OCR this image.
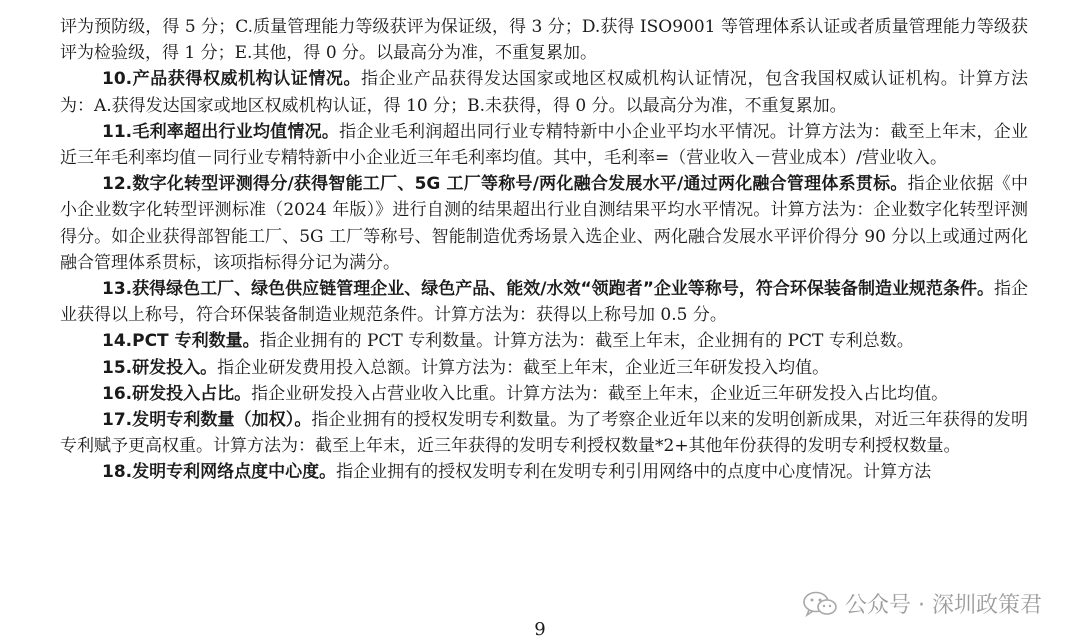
评为预防级，得 5 分；C.质量管理能力等级获评为保证级，得 3 分；D.获得 ISO9001 等管理体系认证或者质量管理能力等级获评为检验级，得 1 分；E.其他，得 0 分。以最高分为准，不重复累加。

10.产品获得权威机构认证情况。指企业产品获得发达国家或地区权威机构认证情况，包含我国权威认证机构。计算方法为：A.获得发达国家或地区权威机构认证，得 10 分；B.未获得，得 0 分。以最高分为准，不重复累加。

11.毛利率超出行业均值情况。指企业毛利润超出同行业专精特新中小企业平均水平情况。计算方法为：截至上年末，企业近三年毛利率均值－同行业专精特新中小企业近三年毛利率均值。其中，毛利率=（营业收入－营业成本）/营业收入。

12.数字化转型评测得分/获得智能工厂、5G 工厂等称号/两化融合发展水平/通过两化融合管理体系贯标。指企业依据《中小企业数字化转型评测标准（2024 年版）》进行自测的结果超出行业自测结果平均水平情况。计算方法为：企业数字化转型评测得分。如企业获得部智能工厂、5G 工厂等称号、智能制造优秀场景入选企业、两化融合发展水平评价得分 90 分以上或通过两化融合管理体系贯标，该项指标得分记为满分。

13.获得绿色工厂、绿色供应链管理企业、绿色产品、能效/水效“领跑者”企业等称号，符合环保装备制造业规范条件。指企业获得以上称号，符合环保装备制造业规范条件。计算方法为：获得以上称号加 0.5 分。

14.PCT 专利数量。指企业拥有的 PCT 专利数量。计算方法为：截至上年末，企业拥有的 PCT 专利总数。

15.研发投入。指企业研发费用投入总额。计算方法为：截至上年末，企业近三年研发投入均值。

16.研发投入占比。指企业研发投入占营业收入比重。计算方法为：截至上年末，企业近三年研发投入占比均值。

17.发明专利数量（加权）。指企业拥有的授权发明专利数量。为了考察企业近年以来的发明创新成果，对近三年获得的发明专利赋予更高权重。计算方法为：截至上年末，近三年获得的发明专利授权数量*2+其他年份获得的发明专利授权数量。

18.发明专利网络点度中心度。指企业拥有的授权发明专利在发明专利引用网络中的点度中心度情况。计算方法

公众号 · 深圳政策君
9
